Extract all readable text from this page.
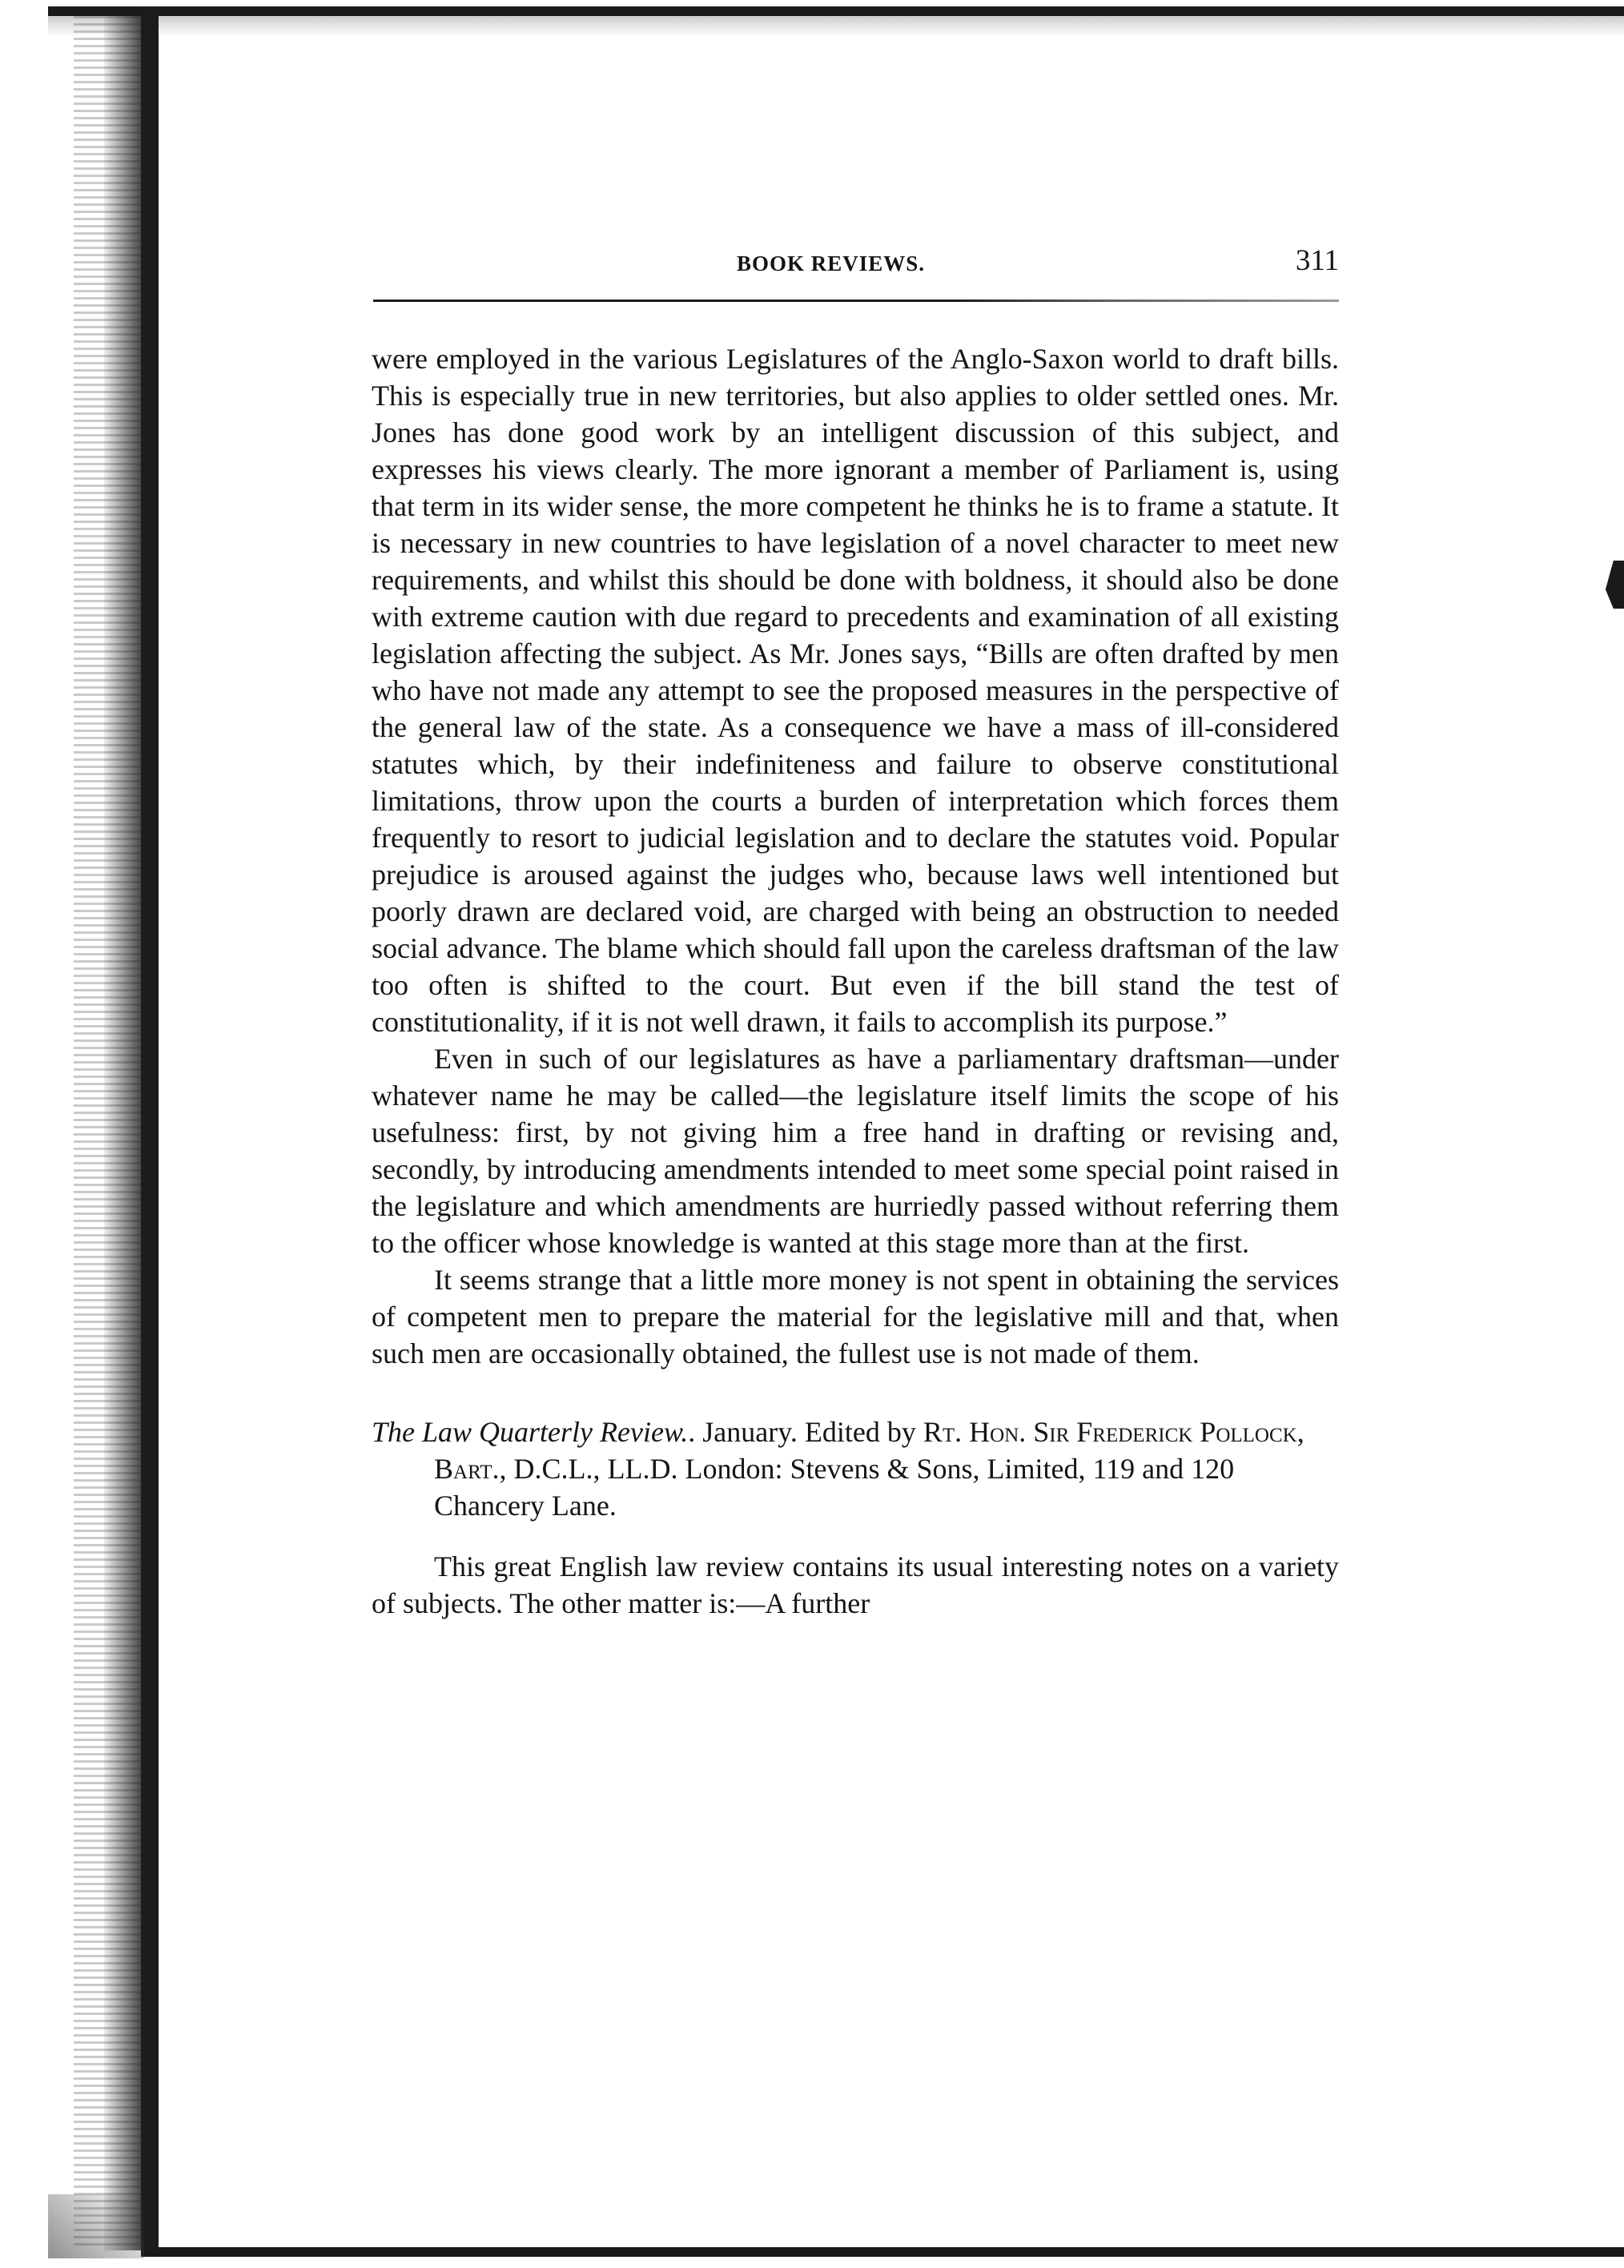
BOOK REVIEWS.	311

were employed in the various Legislatures of the Anglo-Saxon world to draft bills. This is especially true in new territories, but also applies to older settled ones. Mr. Jones has done good work by an intelligent discussion of this subject, and expresses his views clearly. The more ignorant a member of Parliament is, using that term in its wider sense, the more competent he thinks he is to frame a statute. It is necessary in new countries to have legislation of a novel character to meet new requirements, and whilst this should be done with boldness, it should also be done with extreme caution with due regard to precedents and examination of all existing legislation affecting the subject. As Mr. Jones says, “Bills are often drafted by men who have not made any attempt to see the proposed measures in the perspective of the general law of the state. As a consequence we have a mass of ill-considered statutes which, by their indefiniteness and failure to observe constitutional limitations, throw upon the courts a burden of interpretation which forces them frequently to resort to judicial legislation and to declare the statutes void. Popular prejudice is aroused against the judges who, because laws well intentioned but poorly drawn are declared void, are charged with being an obstruction to needed social advance. The blame which should fall upon the careless draftsman of the law too often is shifted to the court. But even if the bill stand the test of constitutionality, if it is not well drawn, it fails to accomplish its purpose.”

Even in such of our legislatures as have a parliamentary draftsman—under whatever name he may be called—the legislature itself limits the scope of his usefulness: first, by not giving him a free hand in drafting or revising and, secondly, by introducing amendments intended to meet some special point raised in the legislature and which amendments are hurriedly passed without referring them to the officer whose knowledge is wanted at this stage more than at the first.

It seems strange that a little more money is not spent in obtaining the services of competent men to prepare the material for the legislative mill and that, when such men are occasionally obtained, the fullest use is not made of them.

The Law Quarterly Review.. January. Edited by Rt. Hon. Sir Frederick Pollock, Bart., D.C.L., LL.D. London: Stevens & Sons, Limited, 119 and 120 Chancery Lane.

This great English law review contains its usual interesting notes on a variety of subjects. The other matter is:—A further
